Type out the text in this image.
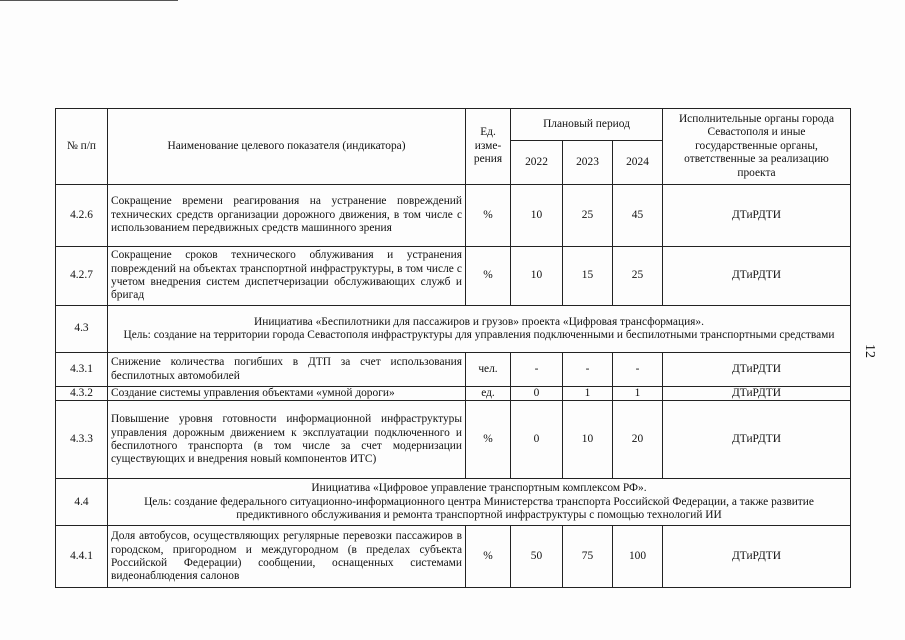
12
№ п/п	Наименование целевого показателя (индикатора)	Ед. изме-рения	Плановый период			Исполнительные органы города Севастополя и иные государственные органы, ответственные за реализацию проекта
			2022	2023	2024	
4.2.6	Сокращение времени реагирования на устранение повреждений технических средств организации дорожного движения, в том числе с использованием передвижных средств машинного зрения	%	10	25	45	ДТиРДТИ
4.2.7	Сокращение сроков технического облуживания и устранения повреждений на объектах транспортной инфраструктуры, в том числе с учетом внедрения систем диспетчеризации обслуживающих служб и бригад	%	10	15	25	ДТиРДТИ
4.3	Инициатива «Беспилотники для пассажиров и грузов» проекта «Цифровая трансформация».
Цель: создание на территории города Севастополя инфраструктуры для управления подключенными и беспилотными транспортными средствами					

4.3.1	Снижение количества погибших в ДТП за счет использования беспилотных автомобилей	чел.	-	-	-	ДТиРДТИ
4.3.2	Создание системы управления объектами «умной дороги»	ед.	0	1	1	ДТиРДТИ
4.3.3	Повышение уровня готовности информационной инфраструктуры управления дорожным движением к эксплуатации подключенного и беспилотного транспорта (в том числе за счет модернизации существующих и внедрения новый компонентов ИТС)	%	0	10	20	ДТиРДТИ
4.4	Инициатива «Цифровое управление транспортным комплексом РФ».
Цель: создание федерального ситуационно-информационного центра Министерства транспорта Российской Федерации, а также развитие предиктивного обслуживания и ремонта транспортной инфраструктуры с помощью технологий ИИ					

4.4.1	Доля автобусов, осуществляющих регулярные перевозки пассажиров в городском, пригородном и междугородном (в пределах субъекта Российской Федерации) сообщении, оснащенных системами видеонаблюдения салонов	%	50	75	100	ДТиРДТИ
